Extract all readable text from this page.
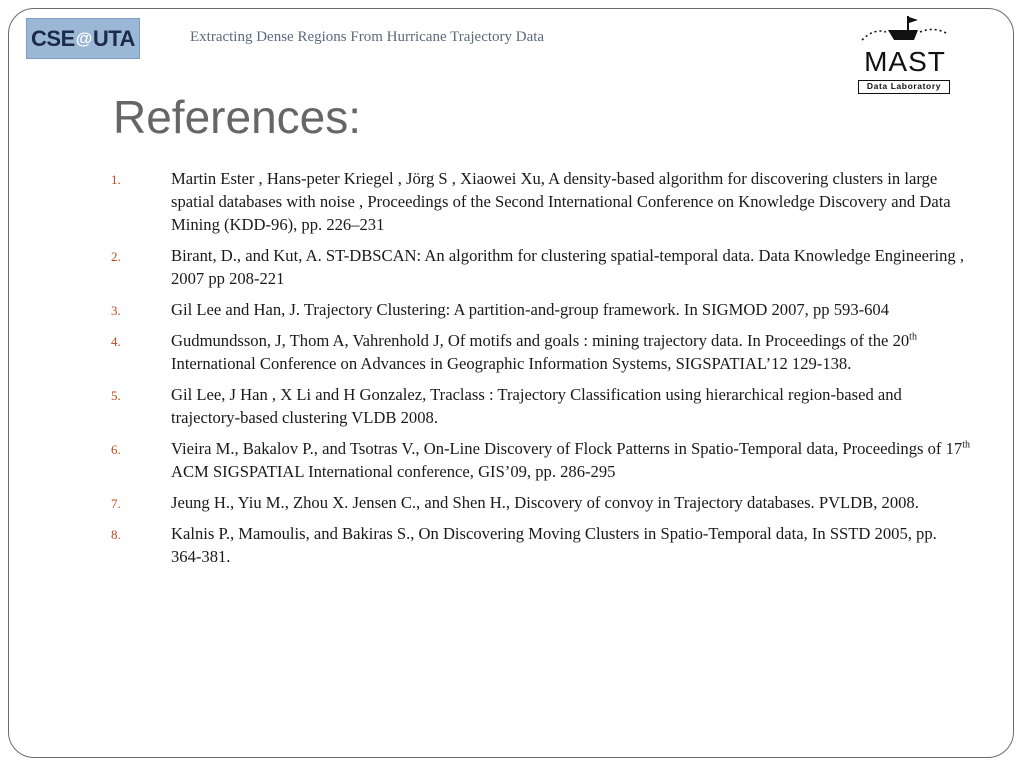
CSE @ UTA	Extracting Dense Regions From Hurricane Trajectory Data
MAST
Data Laboratory
References:
1.	Martin Ester , Hans-peter Kriegel , Jörg S , Xiaowei Xu, A density-based algorithm for discovering clusters in large spatial databases with noise , Proceedings of the Second International Conference on Knowledge Discovery and Data Mining (KDD-96), pp. 226–231
2.	Birant, D., and Kut, A. ST-DBSCAN: An algorithm for clustering spatial-temporal data. Data Knowledge Engineering , 2007 pp 208-221
3.	Gil Lee and Han, J. Trajectory Clustering: A partition-and-group framework. In SIGMOD 2007, pp 593-604
4.	Gudmundsson, J, Thom A, Vahrenhold J, Of motifs and goals : mining trajectory data. In Proceedings of the 20th International Conference on Advances in Geographic Information Systems, SIGSPATIAL’12 129-138.
5.	Gil Lee, J Han , X Li and H Gonzalez, Traclass : Trajectory Classification using hierarchical region-based and trajectory-based clustering VLDB 2008.
6.	Vieira M., Bakalov P., and Tsotras V., On-Line Discovery of Flock Patterns in Spatio-Temporal data, Proceedings of 17th ACM SIGSPATIAL International conference, GIS’09, pp. 286-295
7.	Jeung H., Yiu M., Zhou X. Jensen C., and Shen H., Discovery of convoy in Trajectory databases. PVLDB, 2008.
8.	Kalnis P., Mamoulis, and Bakiras S., On Discovering Moving Clusters in Spatio-Temporal data, In SSTD 2005, pp. 364-381.
